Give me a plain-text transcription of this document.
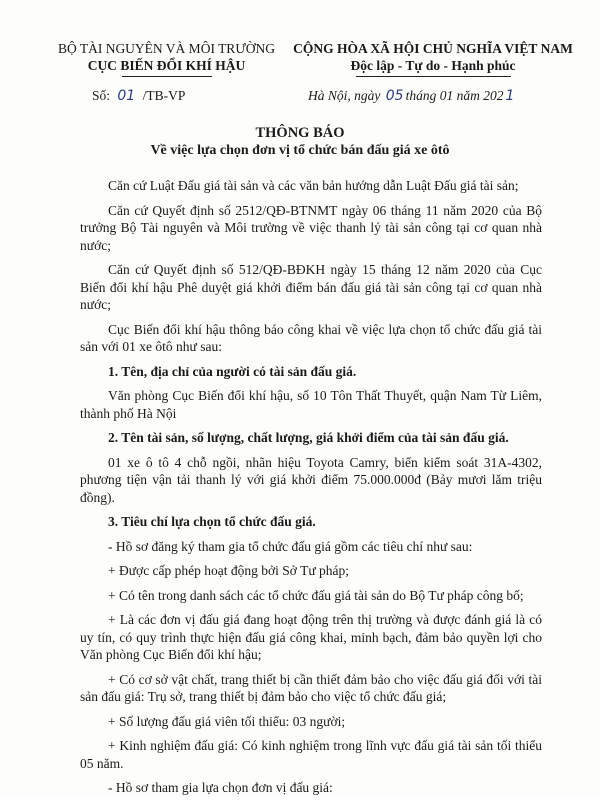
BỘ TÀI NGUYÊN VÀ MÔI TRƯỜNG
CỤC BIẾN ĐỔI KHÍ HẬU
CỘNG HÒA XÃ HỘI CHỦ NGHĨA VIỆT NAM
Độc lập - Tự do - Hạnh phúc
Số: 01 /TB-VP	Hà Nội, ngày 05 tháng 01 năm 202 1
THÔNG BÁO
Về việc lựa chọn đơn vị tổ chức bán đấu giá xe ôtô

Căn cứ Luật Đấu giá tài sản và các văn bản hướng dẫn Luật Đấu giá tài sản;

Căn cứ Quyết định số 2512/QĐ-BTNMT ngày 06 tháng 11 năm 2020 của Bộ trưởng Bộ Tài nguyên và Môi trường về việc thanh lý tài sản công tại cơ quan nhà nước;

Căn cứ Quyết định số 512/QĐ-BĐKH ngày 15 tháng 12 năm 2020 của Cục Biến đổi khí hậu Phê duyệt giá khởi điểm bán đấu giá tài sản công tại cơ quan nhà nước;

Cục Biến đổi khí hậu thông báo công khai về việc lựa chọn tổ chức đấu giá tài sản với 01 xe ôtô như sau:

1. Tên, địa chỉ của người có tài sản đấu giá.

Văn phòng Cục Biến đổi khí hậu, số 10 Tôn Thất Thuyết, quận Nam Từ Liêm, thành phố Hà Nội

2. Tên tài sản, số lượng, chất lượng, giá khởi điểm của tài sản đấu giá.

01 xe ô tô 4 chỗ ngồi, nhãn hiệu Toyota Camry, biển kiểm soát 31A-4302, phương tiện vận tải thanh lý với giá khởi điểm 75.000.000đ (Bảy mươi lăm triệu đồng).

3. Tiêu chí lựa chọn tổ chức đấu giá.

- Hồ sơ đăng ký tham gia tổ chức đấu giá gồm các tiêu chí như sau:

+ Được cấp phép hoạt động bởi Sở Tư pháp;

+ Có tên trong danh sách các tổ chức đấu giá tài sản do Bộ Tư pháp công bố;

+ Là các đơn vị đấu giá đang hoạt động trên thị trường và được đánh giá là có uy tín, có quy trình thực hiện đấu giá công khai, minh bạch, đảm bảo quyền lợi cho Văn phòng Cục Biến đổi khí hậu;

+ Có cơ sở vật chất, trang thiết bị cần thiết đảm bảo cho việc đấu giá đối với tài sản đấu giá: Trụ sở, trang thiết bị đảm bảo cho việc tổ chức đấu giá;

+ Số lượng đấu giá viên tối thiểu: 03 người;

+ Kinh nghiệm đấu giá: Có kinh nghiệm trong lĩnh vực đấu giá tài sản tối thiểu 05 năm.

- Hồ sơ tham gia lựa chọn đơn vị đấu giá:
